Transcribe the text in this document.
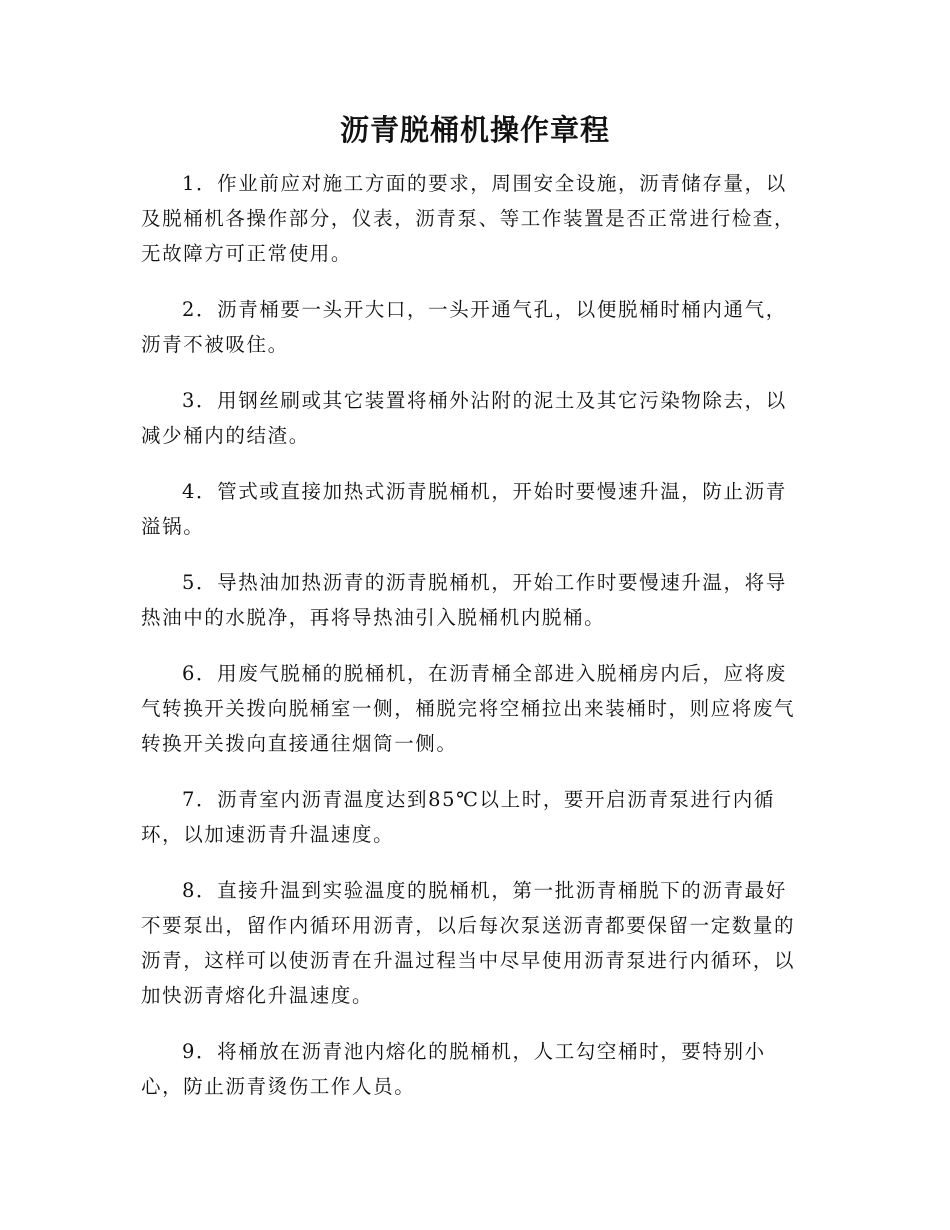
沥青脱桶机操作章程

1．作业前应对施工方面的要求，周围安全设施，沥青储存量，以及脱桶机各操作部分，仪表，沥青泵、等工作装置是否正常进行检查，无故障方可正常使用。

2．沥青桶要一头开大口，一头开通气孔，以便脱桶时桶内通气，沥青不被吸住。

3．用钢丝刷或其它装置将桶外沾附的泥土及其它污染物除去，以减少桶内的结渣。

4．管式或直接加热式沥青脱桶机，开始时要慢速升温，防止沥青溢锅。

5．导热油加热沥青的沥青脱桶机，开始工作时要慢速升温，将导热油中的水脱净，再将导热油引入脱桶机内脱桶。

6．用废气脱桶的脱桶机，在沥青桶全部进入脱桶房内后，应将废气转换开关拨向脱桶室一侧，桶脱完将空桶拉出来装桶时，则应将废气转换开关拨向直接通往烟筒一侧。

7．沥青室内沥青温度达到85℃以上时，要开启沥青泵进行内循环，以加速沥青升温速度。

8．直接升温到实验温度的脱桶机，第一批沥青桶脱下的沥青最好不要泵出，留作内循环用沥青，以后每次泵送沥青都要保留一定数量的沥青，这样可以使沥青在升温过程当中尽早使用沥青泵进行内循环，以加快沥青熔化升温速度。

9．将桶放在沥青池内熔化的脱桶机，人工勾空桶时，要特别小心，防止沥青烫伤工作人员。
